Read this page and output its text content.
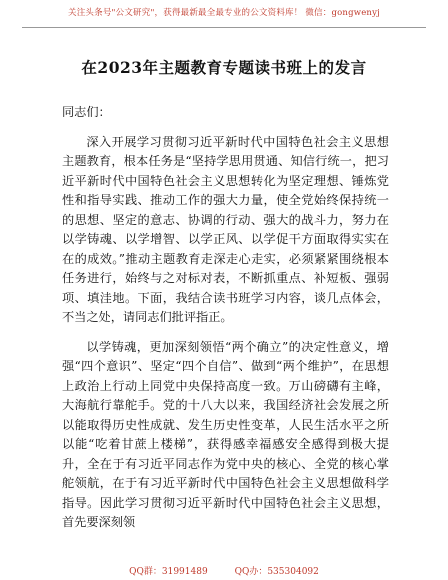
关注头条号"公文研究"，获得最新最全最专业的公文资料库！ 微信：gongwenyj
在2023年主题教育专题读书班上的发言

同志们：

深入开展学习贯彻习近平新时代中国特色社会主义思想主题教育，根本任务是“坚持学思用贯通、知信行统一，把习近平新时代中国特色社会主义思想转化为坚定理想、锤炼党性和指导实践、推动工作的强大力量，使全党始终保持统一的思想、坚定的意志、协调的行动、强大的战斗力，努力在以学铸魂、以学增智、以学正风、以学促干方面取得实实在在的成效。”推动主题教育走深走心走实，必须紧紧围绕根本任务进行，始终与之对标对表，不断抓重点、补短板、强弱项、填洼地。下面，我结合读书班学习内容，谈几点体会，不当之处，请同志们批评指正。

以学铸魂，更加深刻领悟“两个确立”的决定性意义，增强“四个意识”、坚定“四个自信”、做到“两个维护”，在思想上政治上行动上同党中央保持高度一致。万山磅礴有主峰，大海航行靠舵手。党的十八大以来，我国经济社会发展之所以能取得历史性成就、发生历史性变革，人民生活水平之所以能“吃着甘蔗上楼梯”，获得感幸福感安全感得到极大提升，全在于有习近平同志作为党中央的核心、全党的核心掌舵领航，在于有习近平新时代中国特色社会主义思想做科学指导。因此学习贯彻习近平新时代中国特色社会主义思想，首先要深刻领

QQ群：31991489	QQ办：535304092
